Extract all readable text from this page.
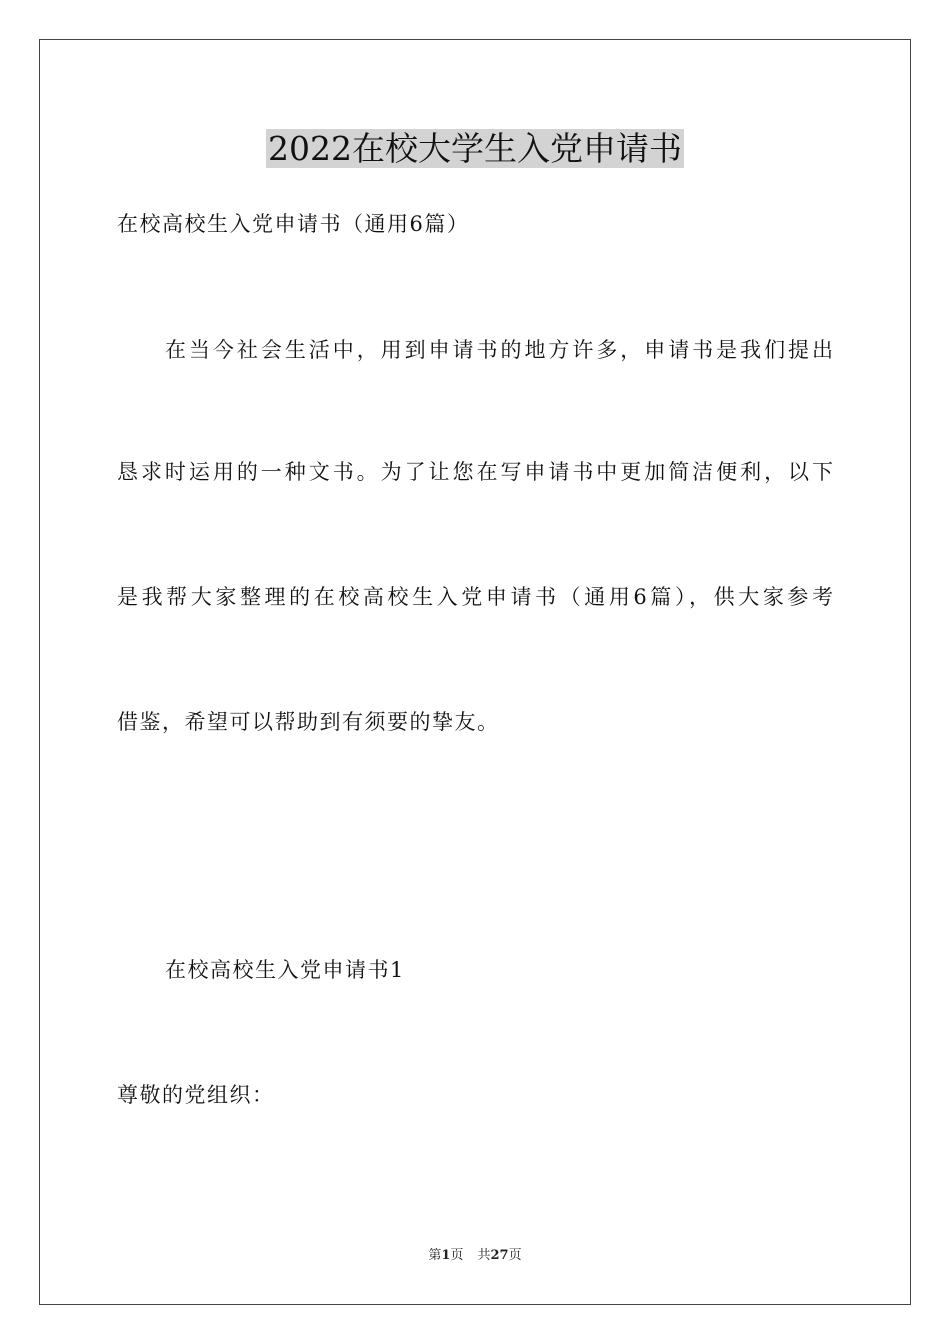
2022在校大学生入党申请书
在校高校生入党申请书（通用6篇）
在当今社会生活中，用到申请书的地方许多，申请书是我们提出
恳求时运用的一种文书。为了让您在写申请书中更加简洁便利，以下
是我帮大家整理的在校高校生入党申请书（通用6篇），供大家参考
借鉴，希望可以帮助到有须要的挚友。
在校高校生入党申请书1
尊敬的党组织：
第1页 共27页
